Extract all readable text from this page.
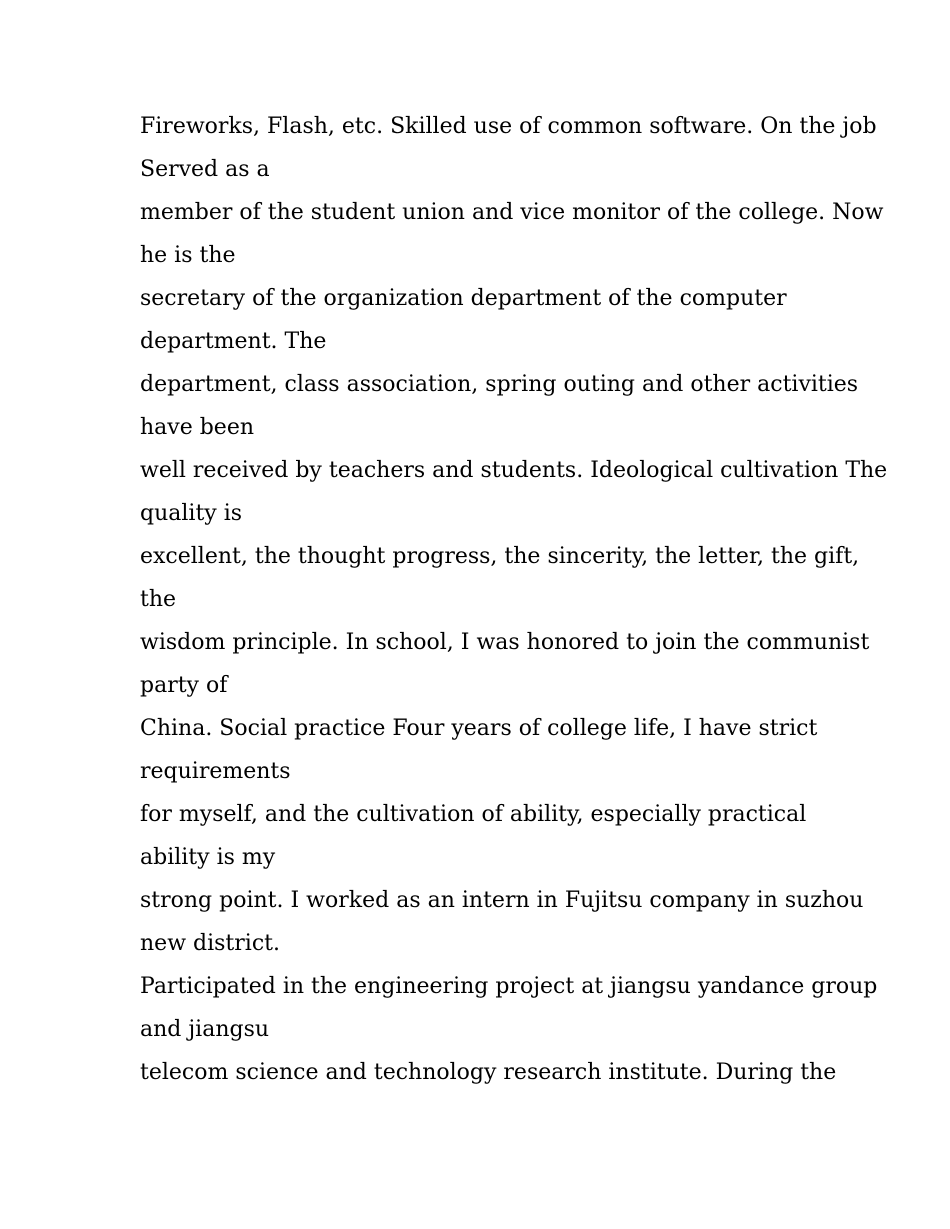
Fireworks, Flash, etc. Skilled use of common software. On the job
Served as a
member of the student union and vice monitor of the college. Now
he is the
secretary of the organization department of the computer
department. The
department, class association, spring outing and other activities
have been
well received by teachers and students. Ideological cultivation The
quality is
excellent, the thought progress, the sincerity, the letter, the gift,
the
wisdom principle. In school, I was honored to join the communist
party of
China. Social practice Four years of college life, I have strict
requirements
for myself, and the cultivation of ability, especially practical
ability is my
strong point. I worked as an intern in Fujitsu company in suzhou
new district.
Participated in the engineering project at jiangsu yandance group
and jiangsu
telecom science and technology research institute. During the
